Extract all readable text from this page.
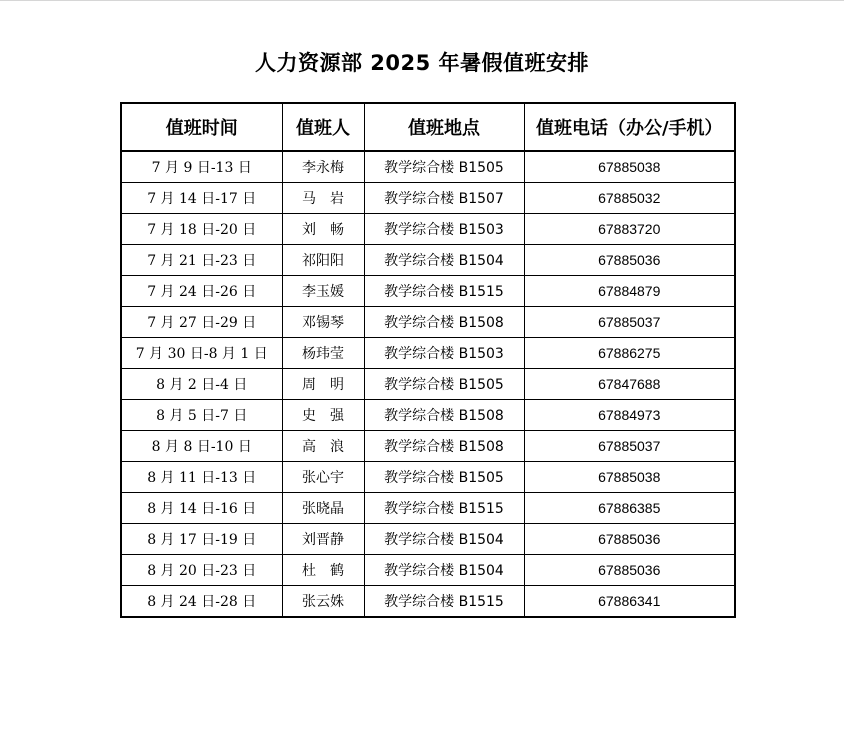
人力资源部 2025 年暑假值班安排
值班时间	值班人	值班地点	值班电话（办公/手机）
7 月 9 日-13 日	李永梅	教学综合楼 B1505	67885038
7 月 14 日-17 日	马　岩	教学综合楼 B1507	67885032
7 月 18 日-20 日	刘　畅	教学综合楼 B1503	67883720
7 月 21 日-23 日	祁阳阳	教学综合楼 B1504	67885036
7 月 24 日-26 日	李玉媛	教学综合楼 B1515	67884879
7 月 27 日-29 日	邓锡琴	教学综合楼 B1508	67885037
7 月 30 日-8 月 1 日	杨玮莹	教学综合楼 B1503	67886275
8 月 2 日-4 日	周　明	教学综合楼 B1505	67847688
8 月 5 日-7 日	史　强	教学综合楼 B1508	67884973
8 月 8 日-10 日	高　浪	教学综合楼 B1508	67885037
8 月 11 日-13 日	张心宇	教学综合楼 B1505	67885038
8 月 14 日-16 日	张晓晶	教学综合楼 B1515	67886385
8 月 17 日-19 日	刘晋静	教学综合楼 B1504	67885036
8 月 20 日-23 日	杜　鹤	教学综合楼 B1504	67885036
8 月 24 日-28 日	张云姝	教学综合楼 B1515	67886341
